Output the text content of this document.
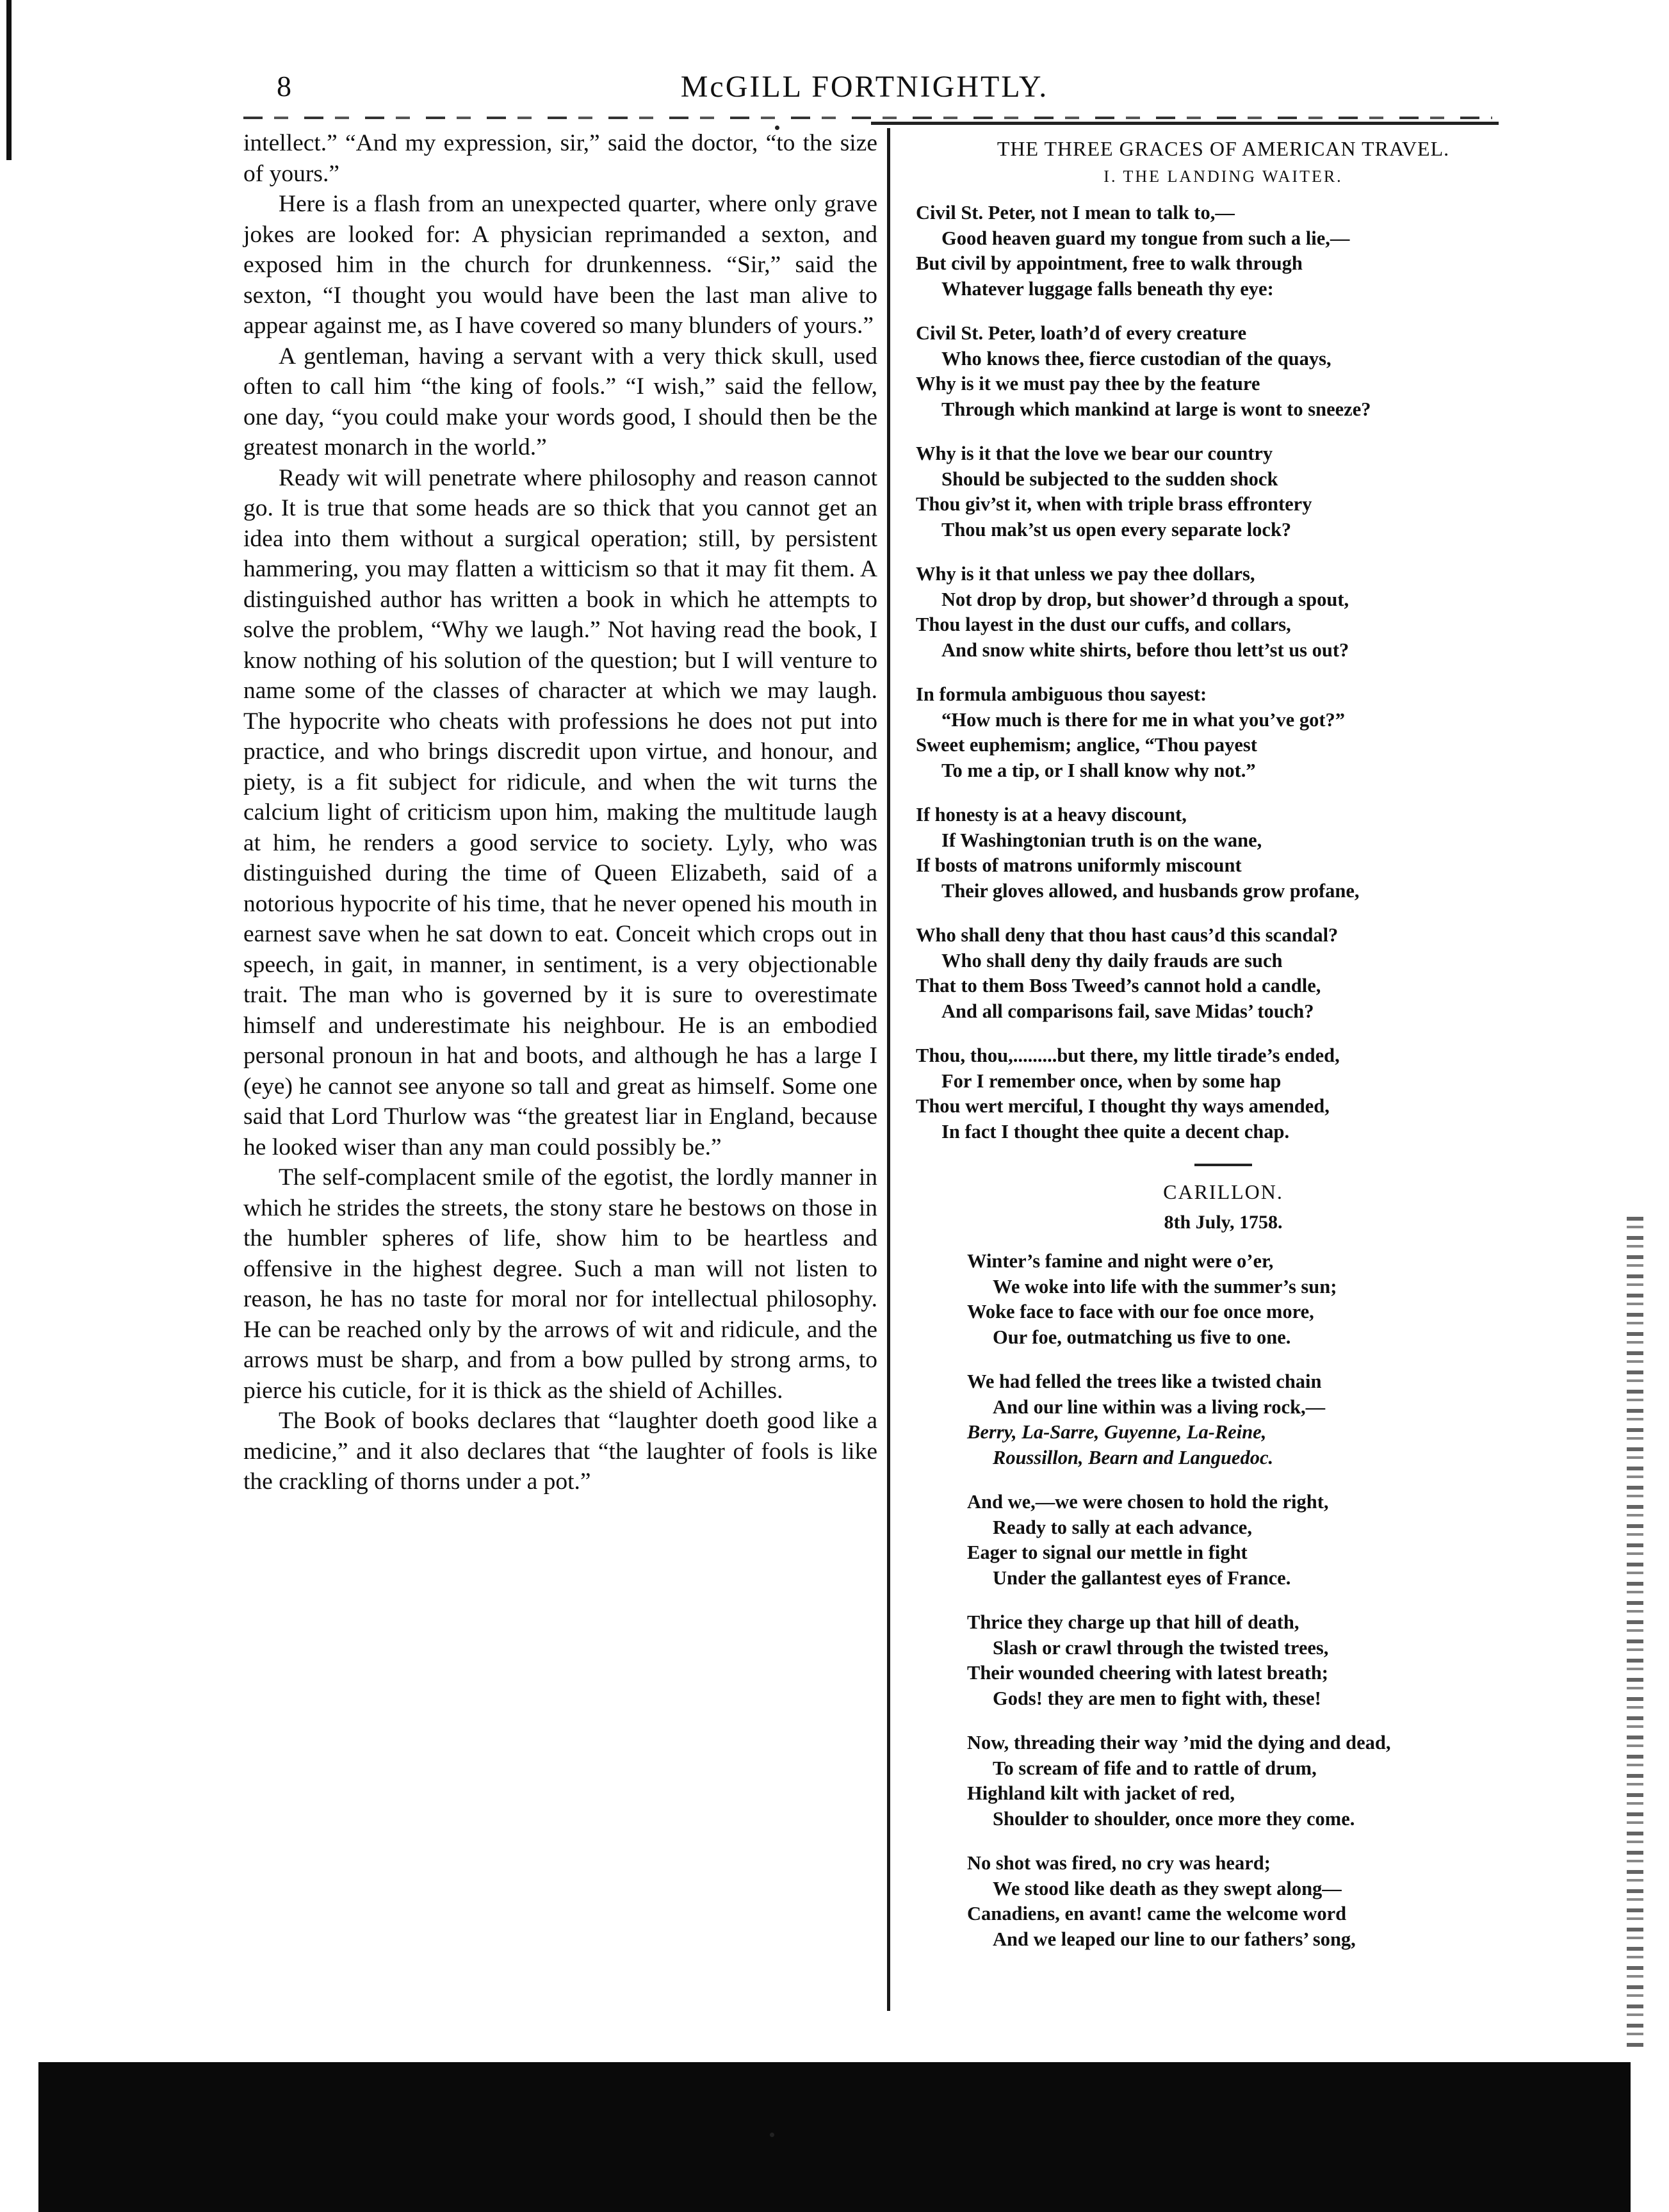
McGILL FORTNIGHTLY.
8

intellect.” “And my expression, sir,” said the doctor, “to the size of yours.”

Here is a flash from an unexpected quarter, where only grave jokes are looked for: A physician reprimanded a sexton, and exposed him in the church for drunkenness. “Sir,” said the sexton, “I thought you would have been the last man alive to appear against me, as I have covered so many blunders of yours.”

A gentleman, having a servant with a very thick skull, used often to call him “the king of fools.” “I wish,” said the fellow, one day, “you could make your words good, I should then be the greatest monarch in the world.”

Ready wit will penetrate where philosophy and reason cannot go. It is true that some heads are so thick that you cannot get an idea into them without a surgical operation; still, by persistent hammering, you may flatten a witticism so that it may fit them. A distinguished author has written a book in which he attempts to solve the problem, “Why we laugh.” Not having read the book, I know nothing of his solution of the question; but I will venture to name some of the classes of character at which we may laugh. The hypocrite who cheats with professions he does not put into practice, and who brings discredit upon virtue, and honour, and piety, is a fit subject for ridicule, and when the wit turns the calcium light of criticism upon him, making the multitude laugh at him, he renders a good service to society. Lyly, who was distinguished during the time of Queen Elizabeth, said of a notorious hypocrite of his time, that he never opened his mouth in earnest save when he sat down to eat. Conceit which crops out in speech, in gait, in manner, in sentiment, is a very objectionable trait. The man who is governed by it is sure to overestimate himself and underestimate his neighbour. He is an embodied personal pronoun in hat and boots, and although he has a large I (eye) he cannot see anyone so tall and great as himself. Some one said that Lord Thurlow was “the greatest liar in England, because he looked wiser than any man could possibly be.”

The self-complacent smile of the egotist, the lordly manner in which he strides the streets, the stony stare he bestows on those in the humbler spheres of life, show him to be heartless and offensive in the highest degree. Such a man will not listen to reason, he has no taste for moral nor for intellectual philosophy. He can be reached only by the arrows of wit and ridicule, and the arrows must be sharp, and from a bow pulled by strong arms, to pierce his cuticle, for it is thick as the shield of Achilles.

The Book of books declares that “laughter doeth good like a medicine,” and it also declares that “the laughter of fools is like the crackling of thorns under a pot.”

THE THREE GRACES OF AMERICAN TRAVEL.
I. THE LANDING WAITER.
Civil St. Peter, not I mean to talk to,—
Good heaven guard my tongue from such a lie,—
But civil by appointment, free to walk through
Whatever luggage falls beneath thy eye:
Civil St. Peter, loath’d of every creature
Who knows thee, fierce custodian of the quays,
Why is it we must pay thee by the feature
Through which mankind at large is wont to sneeze?
Why is it that the love we bear our country
Should be subjected to the sudden shock
Thou giv’st it, when with triple brass effrontery
Thou mak’st us open every separate lock?
Why is it that unless we pay thee dollars,
Not drop by drop, but shower’d through a spout,
Thou layest in the dust our cuffs, and collars,
And snow white shirts, before thou lett’st us out?
In formula ambiguous thou sayest:
“How much is there for me in what you’ve got?”
Sweet euphemism; anglice, “Thou payest
To me a tip, or I shall know why not.”
If honesty is at a heavy discount,
If Washingtonian truth is on the wane,
If bosts of matrons uniformly miscount
Their gloves allowed, and husbands grow profane,
Who shall deny that thou hast caus’d this scandal?
Who shall deny thy daily frauds are such
That to them Boss Tweed’s cannot hold a candle,
And all comparisons fail, save Midas’ touch?
Thou, thou,.........but there, my little tirade’s ended,
For I remember once, when by some hap
Thou wert merciful, I thought thy ways amended,
In fact I thought thee quite a decent chap.
CARILLON.
8th July, 1758.
Winter’s famine and night were o’er,
We woke into life with the summer’s sun;
Woke face to face with our foe once more,
Our foe, outmatching us five to one.
We had felled the trees like a twisted chain
And our line within was a living rock,—
Berry, La-Sarre, Guyenne, La-Reine,
Roussillon, Bearn and Languedoc.
And we,—we were chosen to hold the right,
Ready to sally at each advance,
Eager to signal our mettle in fight
Under the gallantest eyes of France.
Thrice they charge up that hill of death,
Slash or crawl through the twisted trees,
Their wounded cheering with latest breath;
Gods! they are men to fight with, these!
Now, threading their way ’mid the dying and dead,
To scream of fife and to rattle of drum,
Highland kilt with jacket of red,
Shoulder to shoulder, once more they come.
No shot was fired, no cry was heard;
We stood like death as they swept along—
Canadiens, en avant! came the welcome word
And we leaped our line to our fathers’ song,
